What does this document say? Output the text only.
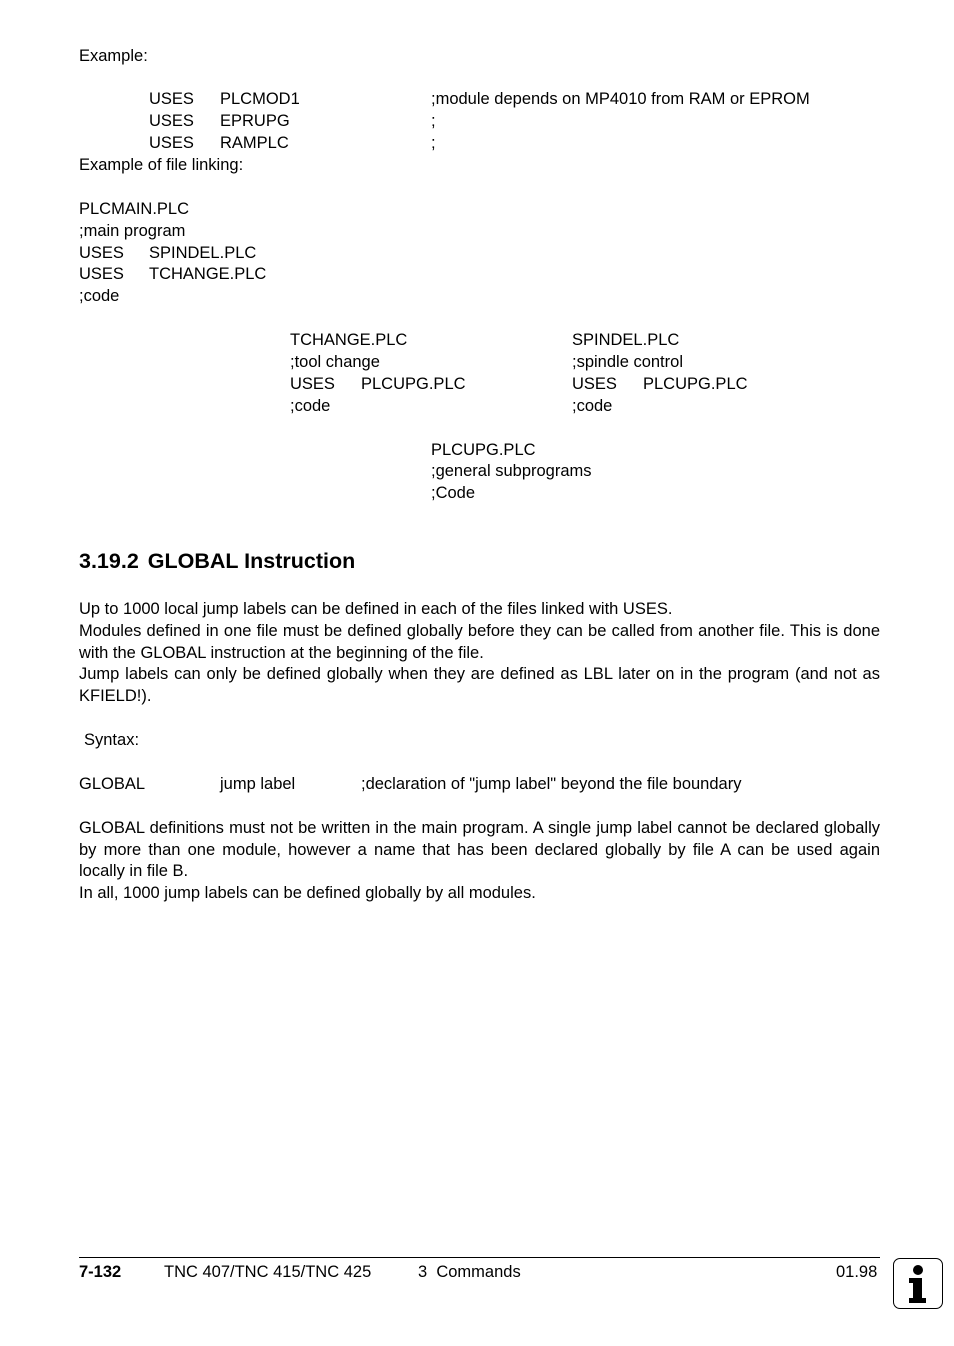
Example:
USES PLCMOD1	;module depends on MP4010 from RAM or EPROM
USES EPRUPG	;
USES RAMPLC	;
Example of file linking:
PLCMAIN.PLC
;main program
USES SPINDEL.PLC
USES TCHANGE.PLC
;code
TCHANGE.PLC
;tool change
USES PLCUPG.PLC
;code
SPINDEL.PLC
;spindle control
USES PLCUPG.PLC
;code
PLCUPG.PLC
;general subprograms
;Code
3.19.2 GLOBAL Instruction
Up to 1000 local jump labels can be defined in each of the files linked with USES.
Modules defined in one file must be defined globally before they can be called from another file. This is done with the GLOBAL instruction at the beginning of the file.
Jump labels can only be defined globally when they are defined as LBL later on in the program (and not as KFIELD!).
Syntax:
GLOBAL	jump label	;declaration of "jump label" beyond the file boundary
GLOBAL definitions must not be written in the main program. A single jump label cannot be declared globally by more than one module, however a name that has been declared globally by file A can be used again locally in file B.
In all, 1000 jump labels can be defined globally by all modules.
7-132	TNC 407/TNC 415/TNC 425	3  Commands	01.98
